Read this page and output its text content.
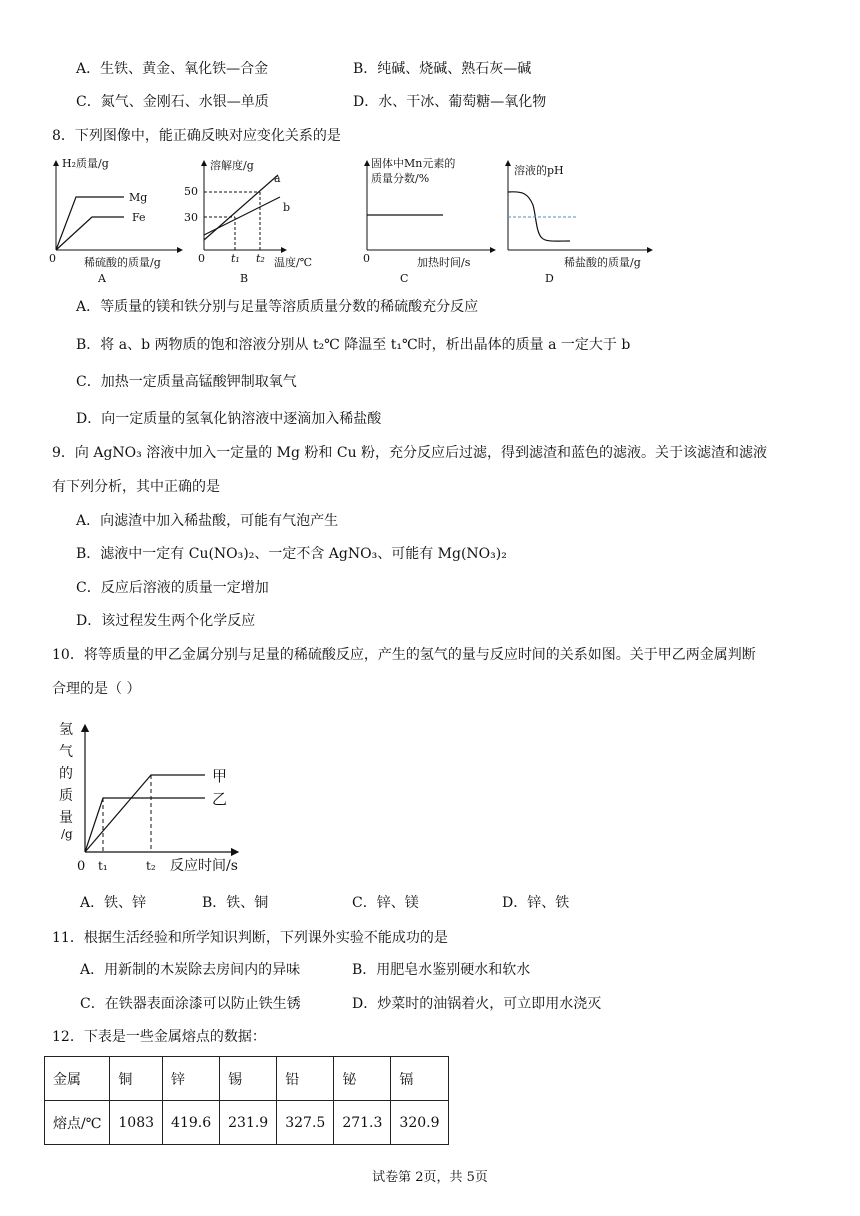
A．生铁、黄金、氧化铁—合金	B．纯碱、烧碱、熟石灰—碱
C．氮气、金刚石、水银—单质	D．水、干冰、葡萄糖—氧化物
8．下列图像中，能正确反映对应变化关系的是
H₂质量/g
Mg
Fe
0	稀硫酸的质量/g
A
溶解度/g
a
b
50
30
0 t₁ t₂ 温度/℃
B
固体中Mn元素的
质量分数/%
0	加热时间/s
C
溶液的pH
稀盐酸的质量/g
D
A．等质量的镁和铁分别与足量等溶质质量分数的稀硫酸充分反应
B．将 a、b 两物质的饱和溶液分别从 t₂℃ 降温至 t₁℃时，析出晶体的质量 a 一定大于 b
C．加热一定质量高锰酸钾制取氧气
D．向一定质量的氢氧化钠溶液中逐滴加入稀盐酸
9．向 AgNO₃ 溶液中加入一定量的 Mg 粉和 Cu 粉，充分反应后过滤，得到滤渣和蓝色的滤液。关于该滤渣和滤液
有下列分析，其中正确的是
A．向滤渣中加入稀盐酸，可能有气泡产生
B．滤液中一定有 Cu(NO₃)₂、一定不含 AgNO₃、可能有 Mg(NO₃)₂
C．反应后溶液的质量一定增加
D．该过程发生两个化学反应
10．将等质量的甲乙金属分别与足量的稀硫酸反应，产生的氢气的量与反应时间的关系如图。关于甲乙两金属判断
合理的是（ ）
氢
气
的
质
量
/g
甲
乙
0 t₁	t₂ 反应时间/s
A．铁、锌	B．铁、铜	C．锌、镁	D．锌、铁
11．根据生活经验和所学知识判断，下列课外实验不能成功的是
A．用新制的木炭除去房间内的异味	B．用肥皂水鉴别硬水和软水
C．在铁器表面涂漆可以防止铁生锈	D．炒菜时的油锅着火，可立即用水浇灭
12．下表是一些金属熔点的数据：
金属	铜	锌	锡	铅	铋	镉
熔点/℃	1083	419.6	231.9	327.5	271.3	320.9
试卷第 2页，共 5页
